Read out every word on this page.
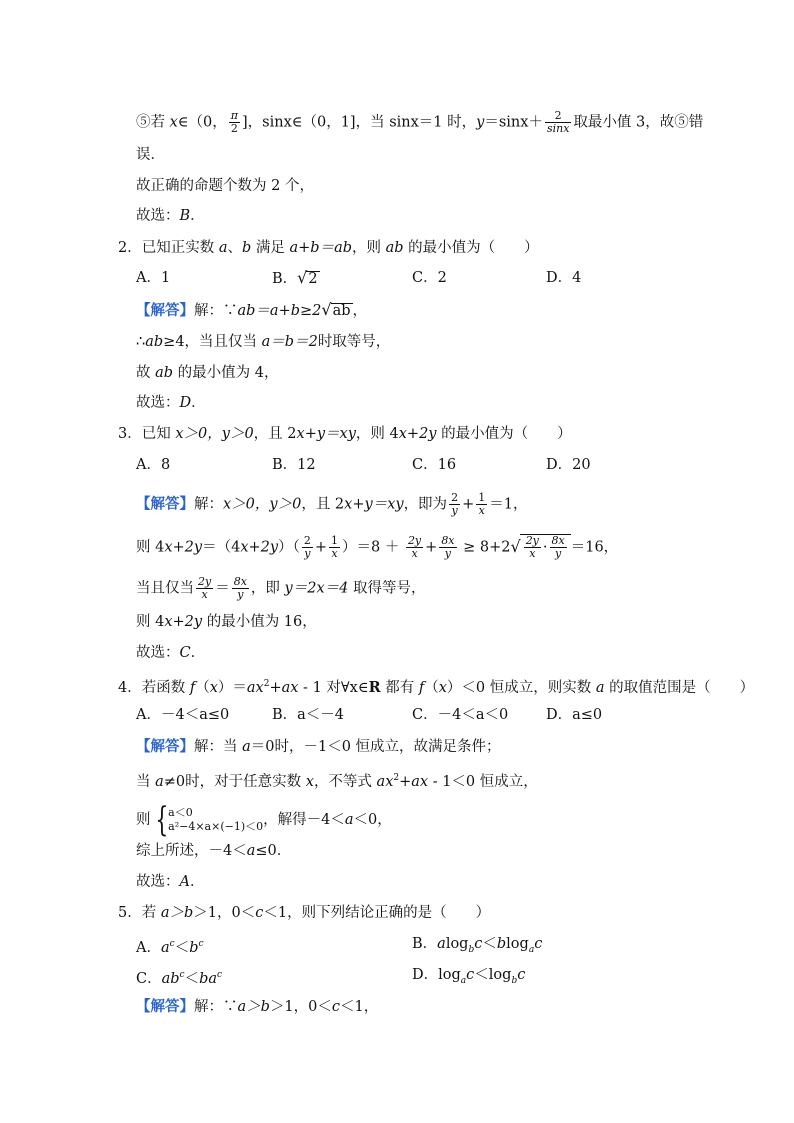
⑤若 x∈（0， $\frac{\pi}{2}$ ]，sinx∈（0，1]，当 sinx＝1 时，$y=\sin x+ \frac{2}{\sin x}$ 取最小值 3，故⑤错
误．
故正确的命题个数为 2 个，
故选：B．
2．已知正实数 a、b 满足 a+b＝ab，则 ab 的最小值为（　　）
A．1	B．√2	C．2	D．4
【解答】解：∵ab＝a+b≥2√ab ，
∴ab≥4，当且仅当 a＝b＝2时取等号，
故 ab 的最小值为 4，
故选：D．
3．已知 x＞0，y＞0，且 2x+y＝xy，则 4x+2y 的最小值为（　　）
A．8	B．12	C．16	D．20
【解答】解：x＞0，y＞0，且 2x+y＝xy，即为 $\frac{2}{y} + \frac{1}{x} =1$，
则 $4x+2y=(4x+2y)( \frac{2}{y} + \frac{1}{x} )=8 + \frac{2y}{x} + \frac{8x}{y} \ge 8+2√ \frac{2y}{x} \cdot \frac{8x}{y} =16$，
当且仅当 $\frac{2y}{x} = \frac{8x}{y}$ ，即 y＝2x＝4 取得等号，
则 4x+2y 的最小值为 16，
故选：C．
4．若函数 $f(x)=ax^2+ax - 1$ 对∀x∈R 都有 f（x）＜0 恒成立，则实数 a 的取值范围是（　　）
A．－4＜a≤0	B．a＜－4	C．－4＜a＜0	D．a≤0
【解答】解：当 a＝0时，－1＜0 恒成立，故满足条件；
当 a≠0时，对于任意实数 x，不等式 $ax^2+ax - 1<0$ 恒成立，
则 { a＜0
a²−4×a×(−1)＜0 ，解得－4＜a＜0，
综上所述，－4＜a≤0．
故选：A．
5．若 a＞b＞1，0＜c＜1，则下列结论正确的是（　　）
A．$a^c<b^c$	B．alog$_b$c＜blog$_a$c
C．$ab^c<ba^c$	D．$\log_ac<\log_bc$
【解答】解：∵a＞b＞1，0＜c＜1，
